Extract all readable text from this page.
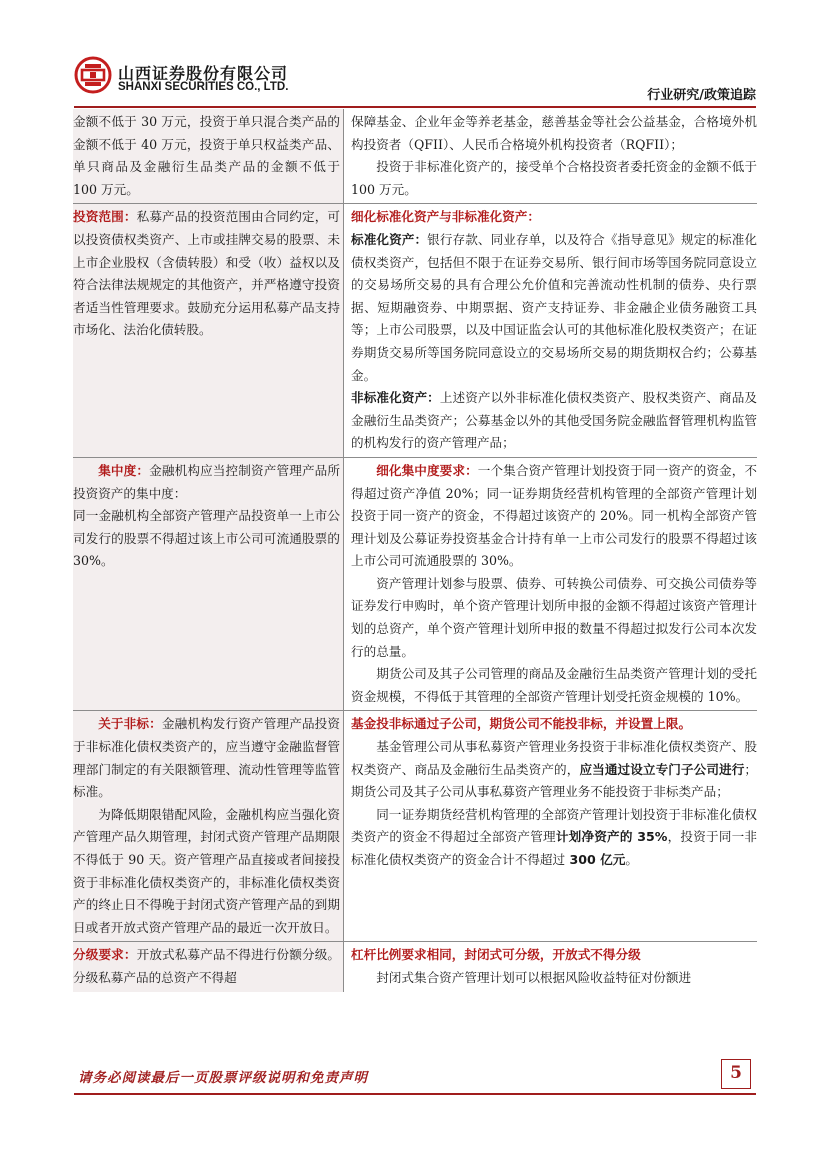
山西证券股份有限公司
SHANXI SECURITIES CO., LTD.
行业研究/政策追踪

金额不低于 30 万元，投资于单只混合类产品的金额不低于 40 万元，投资于单只权益类产品、单只商品及金融衍生品类产品的金额不低于 100 万元。

保障基金、企业年金等养老基金，慈善基金等社会公益基金，合格境外机构投资者（QFII）、人民币合格境外机构投资者（RQFII）；

投资于非标准化资产的，接受单个合格投资者委托资金的金额不低于 100 万元。

投资范围：私募产品的投资范围由合同约定，可以投资债权类资产、上市或挂牌交易的股票、未上市企业股权（含债转股）和受（收）益权以及符合法律法规规定的其他资产，并严格遵守投资者适当性管理要求。鼓励充分运用私募产品支持市场化、法治化债转股。

细化标准化资产与非标准化资产：

标准化资产：银行存款、同业存单，以及符合《指导意见》规定的标准化债权类资产，包括但不限于在证券交易所、银行间市场等国务院同意设立的交易场所交易的具有合理公允价值和完善流动性机制的债券、央行票据、短期融资券、中期票据、资产支持证券、非金融企业债务融资工具等；上市公司股票，以及中国证监会认可的其他标准化股权类资产；在证券期货交易所等国务院同意设立的交易场所交易的期货期权合约；公募基金。

非标准化资产：上述资产以外非标准化债权类资产、股权类资产、商品及金融衍生品类资产；公募基金以外的其他受国务院金融监督管理机构监管的机构发行的资产管理产品；

集中度：金融机构应当控制资产管理产品所投资资产的集中度：

同一金融机构全部资产管理产品投资单一上市公司发行的股票不得超过该上市公司可流通股票的 30%。

细化集中度要求：一个集合资产管理计划投资于同一资产的资金，不得超过资产净值 20%；同一证券期货经营机构管理的全部资产管理计划投资于同一资产的资金，不得超过该资产的 20%。同一机构全部资产管理计划及公募证券投资基金合计持有单一上市公司发行的股票不得超过该上市公司可流通股票的 30%。

资产管理计划参与股票、债券、可转换公司债券、可交换公司债券等证券发行申购时，单个资产管理计划所申报的金额不得超过该资产管理计划的总资产，单个资产管理计划所申报的数量不得超过拟发行公司本次发行的总量。

期货公司及其子公司管理的商品及金融衍生品类资产管理计划的受托资金规模，不得低于其管理的全部资产管理计划受托资金规模的 10%。

关于非标：金融机构发行资产管理产品投资于非标准化债权类资产的，应当遵守金融监督管理部门制定的有关限额管理、流动性管理等监管标准。

为降低期限错配风险，金融机构应当强化资产管理产品久期管理，封闭式资产管理产品期限不得低于 90 天。资产管理产品直接或者间接投资于非标准化债权类资产的，非标准化债权类资产的终止日不得晚于封闭式资产管理产品的到期日或者开放式资产管理产品的最近一次开放日。

基金投非标通过子公司，期货公司不能投非标，并设置上限。

基金管理公司从事私募资产管理业务投资于非标准化债权类资产、股权类资产、商品及金融衍生品类资产的，应当通过设立专门子公司进行；期货公司及其子公司从事私募资产管理业务不能投资于非标类产品；

同一证券期货经营机构管理的全部资产管理计划投资于非标准化债权类资产的资金不得超过全部资产管理计划净资产的 35%，投资于同一非标准化债权类资产的资金合计不得超过 300 亿元。

分级要求：开放式私募产品不得进行份额分级。分级私募产品的总资产不得超

杠杆比例要求相同，封闭式可分级，开放式不得分级

封闭式集合资产管理计划可以根据风险收益特征对份额进

请务必阅读最后一页股票评级说明和免责声明	5
